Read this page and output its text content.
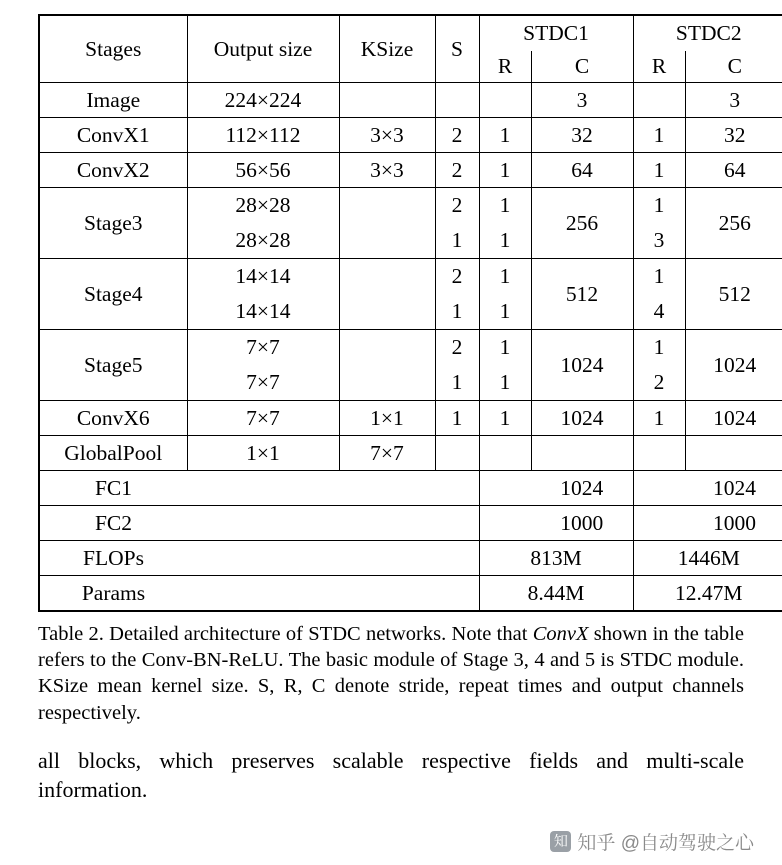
Stages	Output size	KSize	S	STDC1		STDC2	
				R	C	R	C
Image	224×224				3		3
ConvX1	112×112	3×3	2	1	32	1	32
ConvX2	56×56	3×3	2	1	64	1	64
Stage3	28×28		2	1	256	1	256
	28×28		1	1		3	
Stage4	14×14		2	1	512	1	512
	14×14		1	1		4	
Stage5	7×7		2	1	1024	1	1024
	7×7		1	1		2	
ConvX6	7×7	1×1	1	1	1024	1	1024
GlobalPool	1×1	7×7					
FC1					1024		1024
FC2					1000		1000
FLOPs				813M		1446M	
Params				8.44M		12.47M	

Table 2. Detailed architecture of STDC networks. Note that ConvX shown in the table refers to the Conv-BN-ReLU. The basic module of Stage 3, 4 and 5 is STDC module. KSize mean kernel size. S, R, C denote stride, repeat times and output channels respectively.
all blocks, which preserves scalable respective fields and multi-scale information.
知 知乎 @自动驾驶之心
